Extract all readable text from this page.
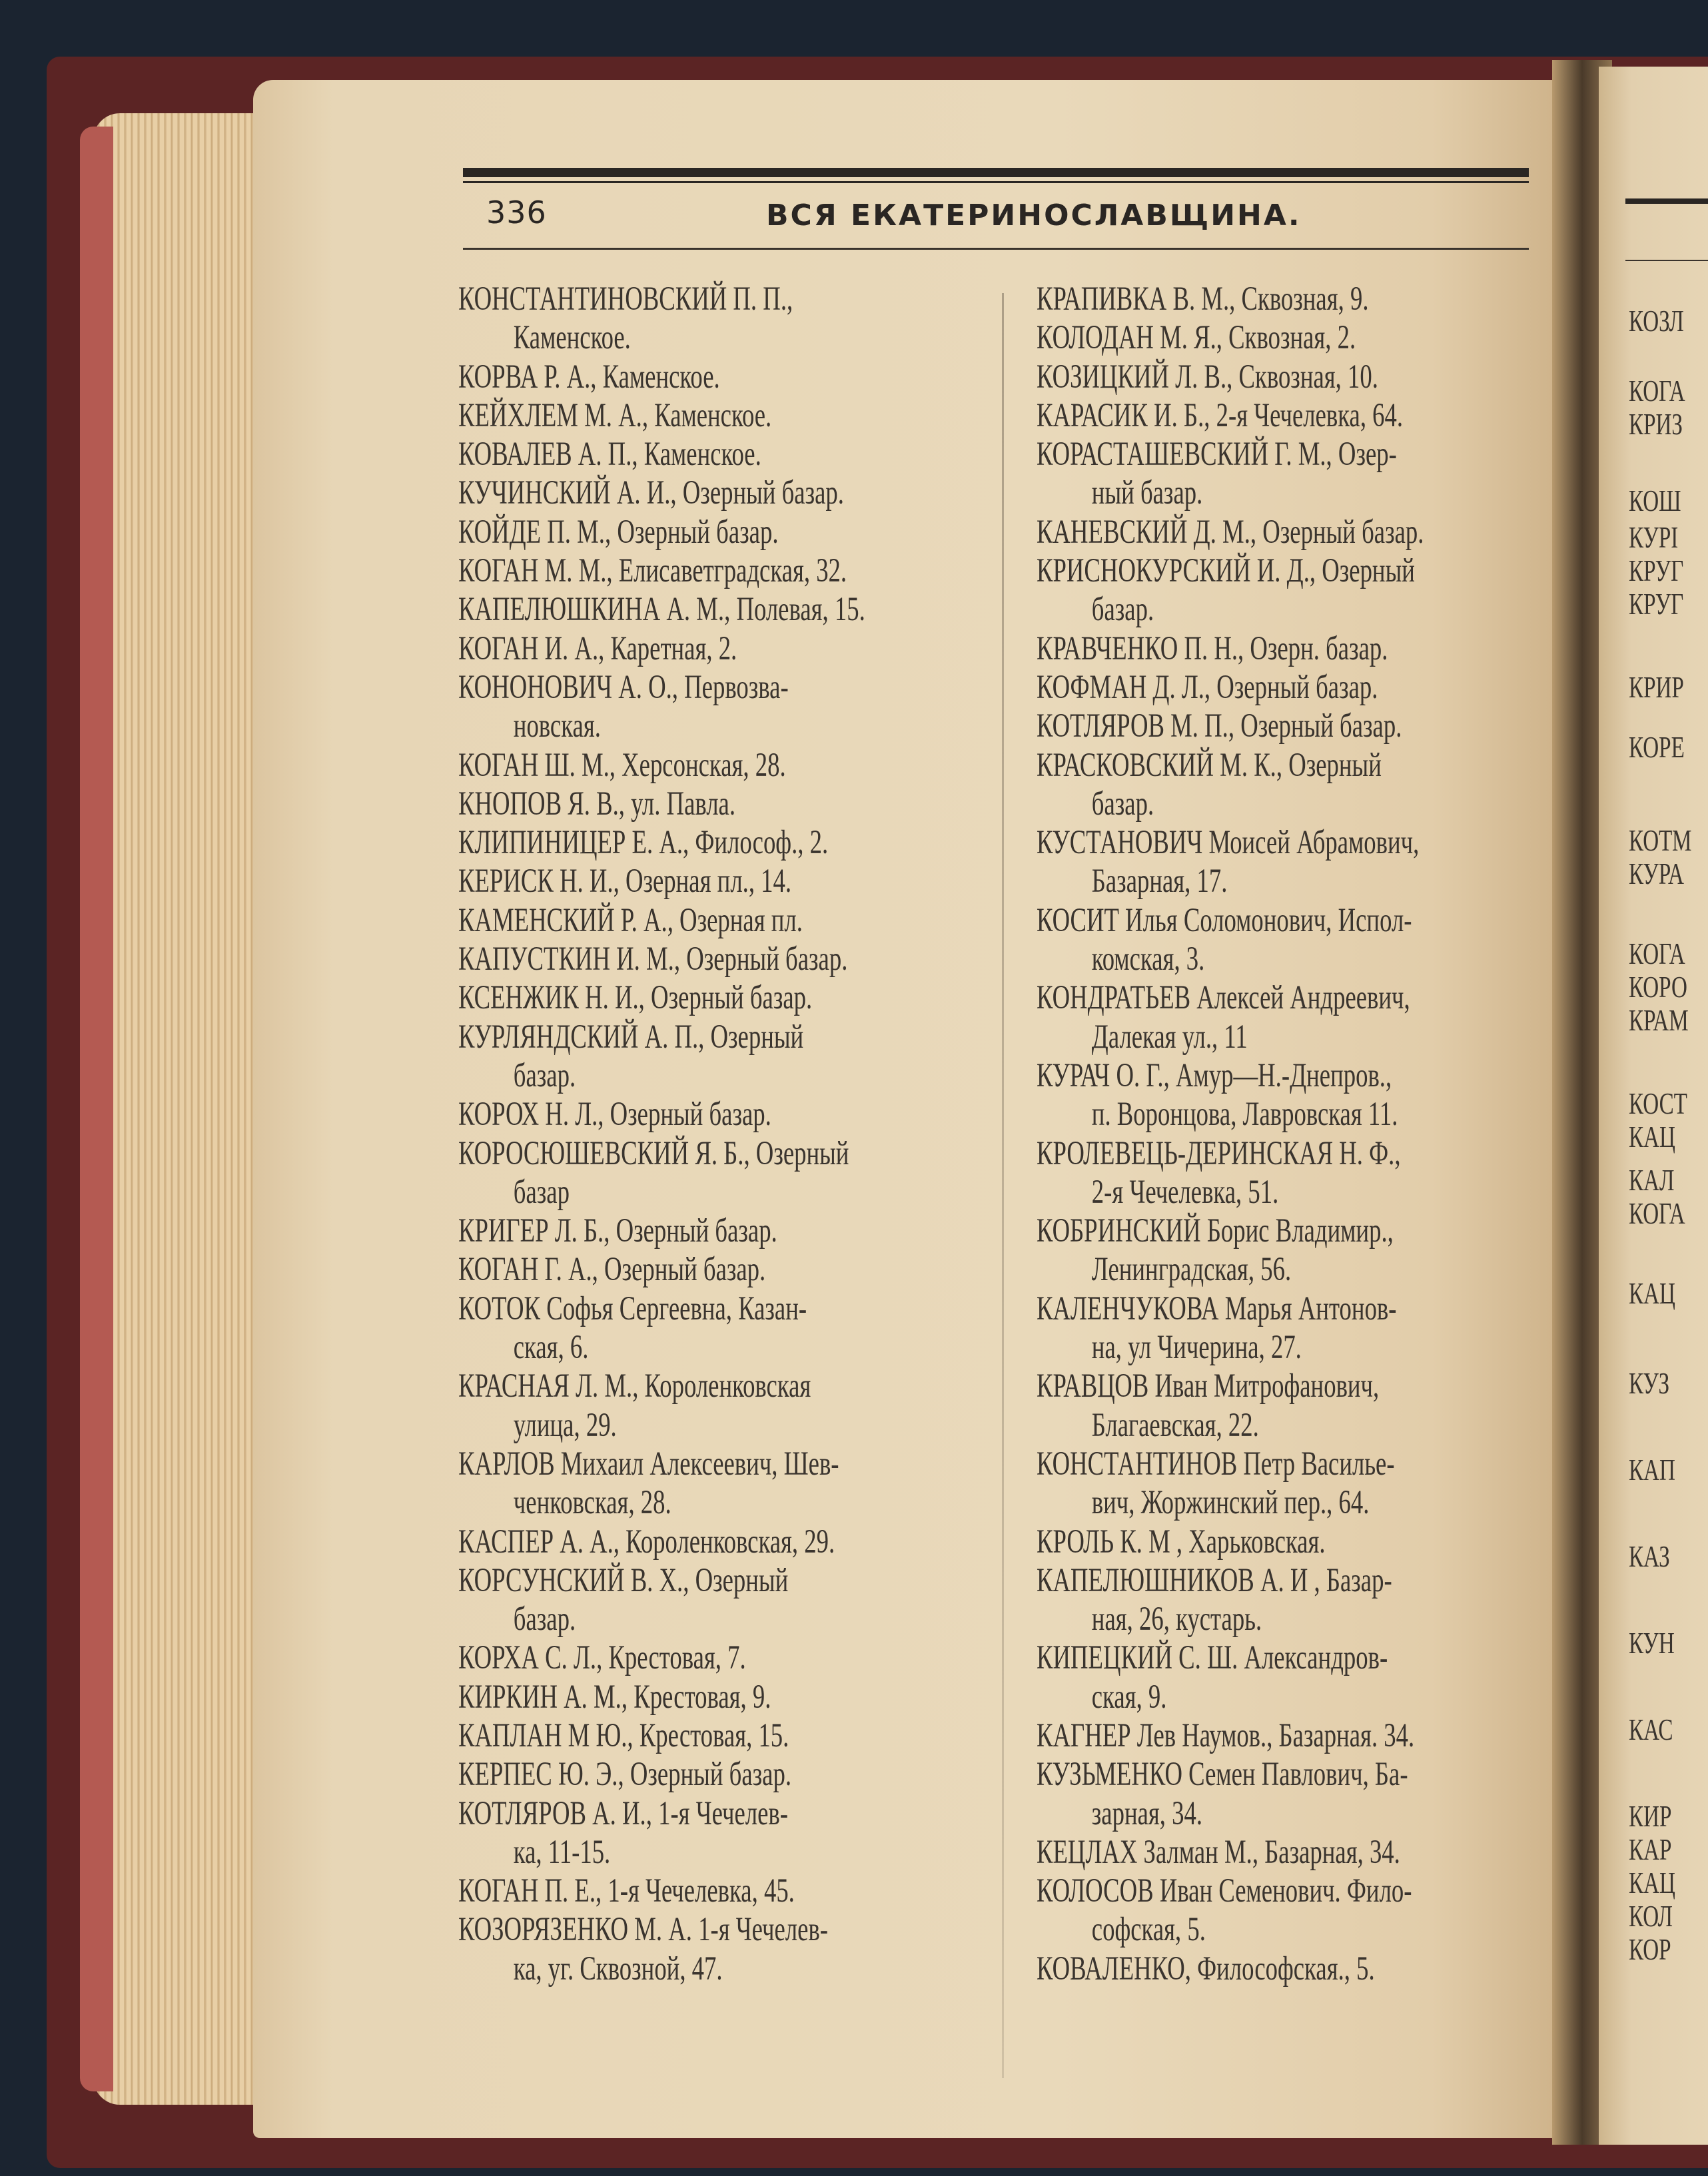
336	ВСЯ ЕКАТЕРИНОСЛАВЩИНА.
КОНСТАНТИНОВСКИЙ П. П.,
Каменское.
КОРВА Р. А., Каменское.
КЕЙХЛЕМ М. А., Каменское.
КОВАЛЕВ А. П., Каменское.
КУЧИНСКИЙ А. И., Озерный базар.
КОЙДЕ П. М., Озерный базар.
КОГАН М. М., Елисаветградская, 32.
КАПЕЛЮШКИНА А. М., Полевая, 15.
КОГАН И. А., Каретная, 2.
КОНОНОВИЧ А. О., Первозва-
новская.
КОГАН Ш. М., Херсонская, 28.
КНОПОВ Я. В., ул. Павла.
КЛИПИНИЦЕР Е. А., Философ., 2.
КЕРИСК Н. И., Озерная пл., 14.
КАМЕНСКИЙ Р. А., Озерная пл.
КАПУСТКИН И. М., Озерный базар.
КСЕНЖИК Н. И., Озерный базар.
КУРЛЯНДСКИЙ А. П., Озерный
базар.
КОРОХ Н. Л., Озерный базар.
КОРОСЮШЕВСКИЙ Я. Б., Озерный
базар
КРИГЕР Л. Б., Озерный базар.
КОГАН Г. А., Озерный базар.
КОТОК Софья Сергеевна, Казан-
ская, 6.
КРАСНАЯ Л. М., Короленковская
улица, 29.
КАРЛОВ Михаил Алексеевич, Шев-
ченковская, 28.
КАСПЕР А. А., Короленковская, 29.
КОРСУНСКИЙ В. Х., Озерный
базар.
КОРХА С. Л., Крестовая, 7.
КИРКИН А. М., Крестовая, 9.
КАПЛАН М Ю., Крестовая, 15.
КЕРПЕС Ю. Э., Озерный базар.
КОТЛЯРОВ А. И., 1-я Чечелев-
ка, 11-15.
КОГАН П. Е., 1-я Чечелевка, 45.
КОЗОРЯЗЕНКО М. А. 1-я Чечелев-
ка, уг. Сквозной, 47.
КРАПИВКА В. М., Сквозная, 9.
КОЛОДАН М. Я., Сквозная, 2.
КОЗИЦКИЙ Л. В., Сквозная, 10.
КАРАСИК И. Б., 2-я Чечелевка, 64.
КОРАСТАШЕВСКИЙ Г. М., Озер-
ный базар.
КАНЕВСКИЙ Д. М., Озерный базар.
КРИСНОКУРСКИЙ И. Д., Озерный
базар.
КРАВЧЕНКО П. Н., Озерн. базар.
КОФМАН Д. Л., Озерный базар.
КОТЛЯРОВ М. П., Озерный базар.
КРАСКОВСКИЙ М. К., Озерный
базар.
КУСТАНОВИЧ Моисей Абрамович,
Базарная, 17.
КОСИТ Илья Соломонович, Испол-
комская, 3.
КОНДРАТЬЕВ Алексей Андреевич,
Далекая ул., 11
КУРАЧ О. Г., Амур—Н.-Днепров.,
п. Воронцова, Лавровская 11.
КРОЛЕВЕЦЬ-ДЕРИНСКАЯ Н. Ф.,
2-я Чечелевка, 51.
КОБРИНСКИЙ Борис Владимир.,
Ленинградская, 56.
КАЛЕНЧУКОВА Марья Антонов-
на, ул Чичерина, 27.
КРАВЦОВ Иван Митрофанович,
Благаевская, 22.
КОНСТАНТИНОВ Петр Василье-
вич, Жоржинский пер., 64.
КРОЛЬ К. М , Харьковская.
КАПЕЛЮШНИКОВ А. И , Базар-
ная, 26, кустарь.
КИПЕЦКИЙ С. Ш. Александров-
ская, 9.
КАГНЕР Лев Наумов., Базарная. 34.
КУЗЬМЕНКО Семен Павлович, Ба-
зарная, 34.
КЕЦЛАХ Залман М., Базарная, 34.
КОЛОСОВ Иван Семенович. Фило-
софская, 5.
КОВАЛЕНКО, Философская., 5.
КОЗЛ
КОГА
КРИЗ
КОШ
КУРІ
КРУГ
КРУГ
КРИР
КОРЕ
КОТМ
КУРА
КОГА
КОРО
КРАМ
КОСТ
КАЦ
КАЛ
КОГА
КАЦ
КУЗ
КАП
КАЗ
КУН
КАС
КИР
КАР
КАЦ
КОЛ
КОР
